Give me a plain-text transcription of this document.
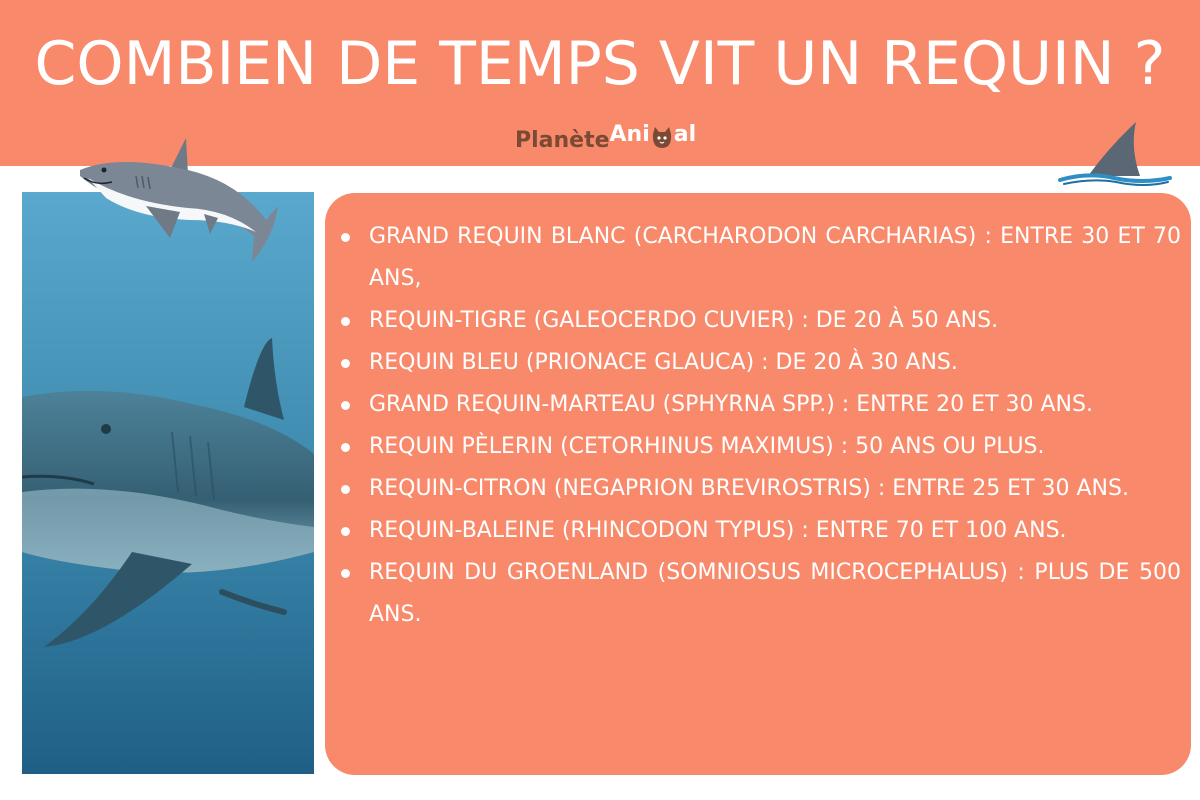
COMBIEN DE TEMPS VIT UN REQUIN ?
Planète Ani al
GRAND REQUIN BLANC (CARCHARODON CARCHARIAS) : ENTRE 30 ET 70 ANS,
REQUIN-TIGRE (GALEOCERDO CUVIER) : DE 20 À 50 ANS.
REQUIN BLEU (PRIONACE GLAUCA) : DE 20 À 30 ANS.
GRAND REQUIN-MARTEAU (SPHYRNA SPP.) : ENTRE 20 ET 30 ANS.
REQUIN PÈLERIN (CETORHINUS MAXIMUS) : 50 ANS OU PLUS.
REQUIN-CITRON (NEGAPRION BREVIROSTRIS) : ENTRE 25 ET 30 ANS.
REQUIN-BALEINE (RHINCODON TYPUS) : ENTRE 70 ET 100 ANS.
REQUIN DU GROENLAND (SOMNIOSUS MICROCEPHALUS) : PLUS DE 500 ANS.
